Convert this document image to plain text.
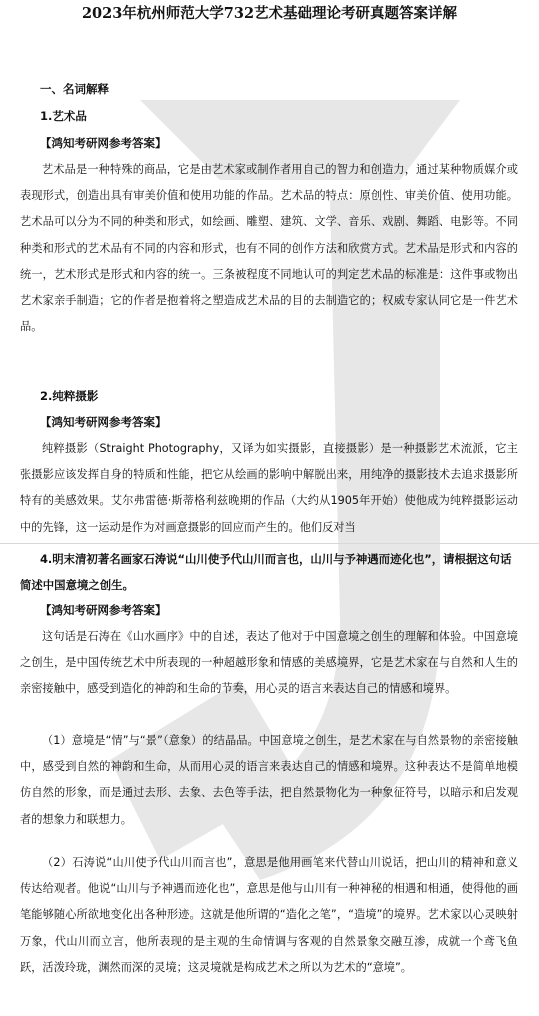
2023年杭州师范大学732艺术基础理论考研真题答案详解
一、名词解释
1.艺术品
【鸿知考研网参考答案】

艺术品是一种特殊的商品，它是由艺术家或制作者用自己的智力和创造力，通过某种物质媒介或表现形式，创造出具有审美价值和使用功能的作品。艺术品的特点：原创性、审美价值、使用功能。艺术品可以分为不同的种类和形式，如绘画、雕塑、建筑、文学、音乐、戏剧、舞蹈、电影等。不同种类和形式的艺术品有不同的内容和形式，也有不同的创作方法和欣赏方式。艺术品是形式和内容的统一，艺术形式是形式和内容的统一。三条被程度不同地认可的判定艺术品的标准是：这件事或物出艺术家亲手制造；它的作者是抱着将之塑造成艺术品的目的去制造它的；权威专家认同它是一件艺术品。

2.纯粹摄影
【鸿知考研网参考答案】

纯粹摄影（Straight Photography，又译为如实摄影，直接摄影）是一种摄影艺术流派，它主张摄影应该发挥自身的特质和性能，把它从绘画的影响中解脱出来，用纯净的摄影技术去追求摄影所特有的美感效果。艾尔弗雷德·斯蒂格利兹晚期的作品（大约从1905年开始）使他成为纯粹摄影运动中的先锋，这一运动是作为对画意摄影的回应而产生的。他们反对当

4.明末清初著名画家石涛说“山川使予代山川而言也，山川与予神遇而迹化也”，请根据这句话简述中国意境之创生。

【鸿知考研网参考答案】

这句话是石涛在《山水画序》中的自述，表达了他对于中国意境之创生的理解和体验。中国意境之创生，是中国传统艺术中所表现的一种超越形象和情感的美感境界，它是艺术家在与自然和人生的亲密接触中，感受到造化的神韵和生命的节奏，用心灵的语言来表达自己的情感和境界。

（1）意境是“情”与“景”（意象）的结晶品。中国意境之创生，是艺术家在与自然景物的亲密接触中，感受到自然的神韵和生命，从而用心灵的语言来表达自己的情感和境界。这种表达不是简单地模仿自然的形象，而是通过去形、去象、去色等手法，把自然景物化为一种象征符号，以暗示和启发观者的想象力和联想力。

（2）石涛说“山川使予代山川而言也”，意思是他用画笔来代替山川说话，把山川的精神和意义传达给观者。他说“山川与予神遇而迹化也”，意思是他与山川有一种神秘的相遇和相通，使得他的画笔能够随心所欲地变化出各种形迹。这就是他所谓的“造化之笔”，“造境”的境界。艺术家以心灵映射万象，代山川而立言，他所表现的是主观的生命情调与客观的自然景象交融互渗，成就一个鸢飞鱼跃，活泼玲珑，渊然而深的灵境；这灵境就是构成艺术之所以为艺术的“意境”。
